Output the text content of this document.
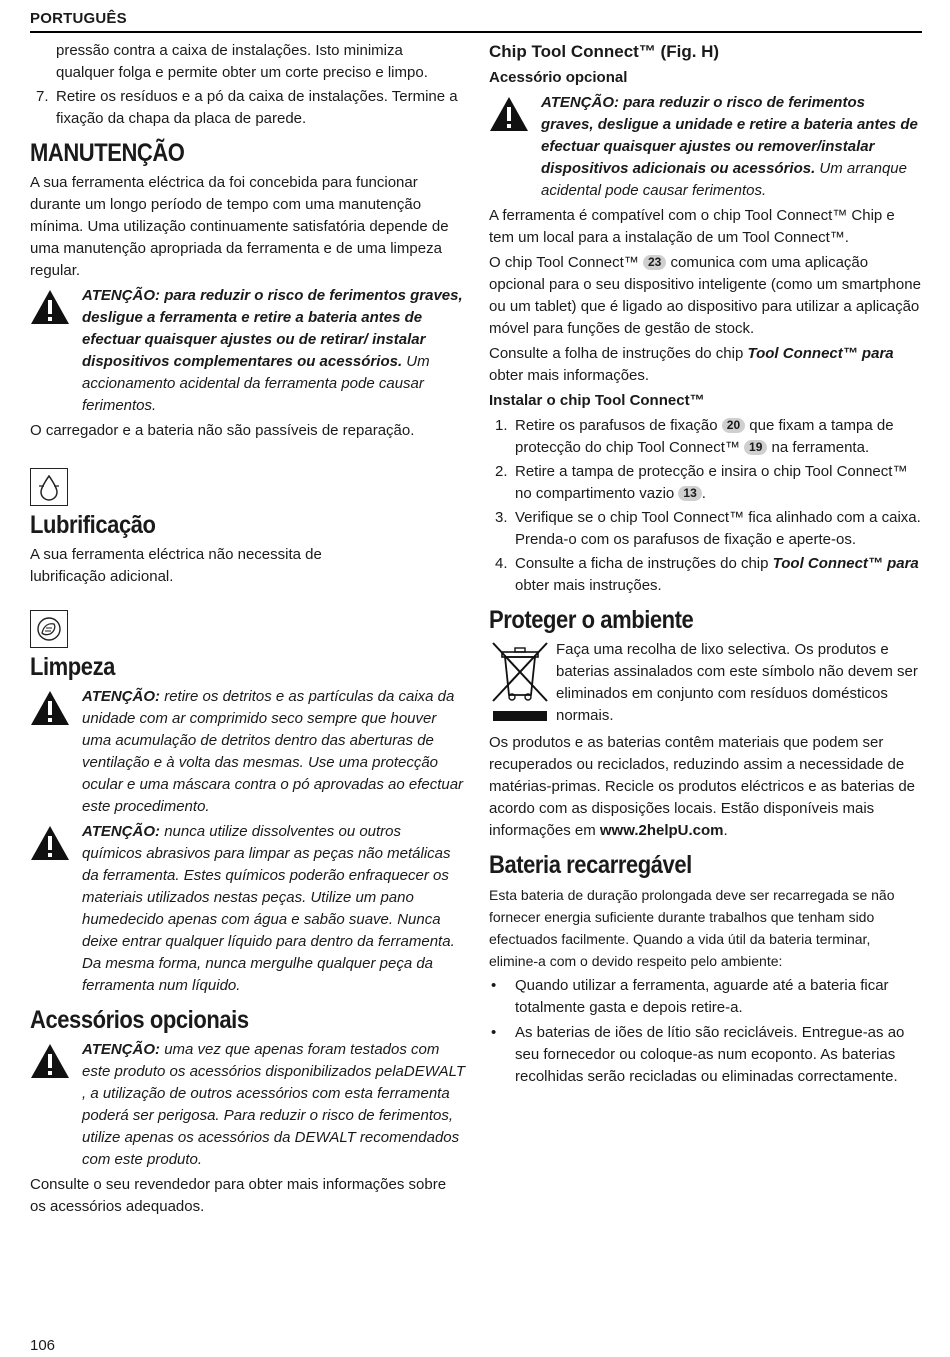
PORTUGUÊS
pressão contra a caixa de instalações. Isto minimiza qualquer folga e permite obter um corte preciso e limpo.
7. Retire os resíduos e a pó da caixa de instalações. Termine a fixação da chapa da placa de parede.
MANUTENÇÃO

A sua ferramenta eléctrica da foi concebida para funcionar durante um longo período de tempo com uma manutenção mínima. Uma utilização continuamente satisfatória depende de uma manutenção apropriada da ferramenta e de uma limpeza regular.

ATENÇÃO: para reduzir o risco de ferimentos graves, desligue a ferramenta e retire a bateria antes de efectuar quaisquer ajustes ou de retirar/ instalar dispositivos complementares ou acessórios. Um accionamento acidental da ferramenta pode causar ferimentos.

O carregador e a bateria não são passíveis de reparação.

Lubrificação

A sua ferramenta eléctrica não necessita de lubrificação adicional.

Limpeza
ATENÇÃO: retire os detritos e as partículas da caixa da unidade com ar comprimido seco sempre que houver uma acumulação de detritos dentro das aberturas de ventilação e à volta das mesmas. Use uma protecção ocular e uma máscara contra o pó aprovadas ao efectuar este procedimento.
ATENÇÃO: nunca utilize dissolventes ou outros químicos abrasivos para limpar as peças não metálicas da ferramenta. Estes químicos poderão enfraquecer os materiais utilizados nestas peças. Utilize um pano humedecido apenas com água e sabão suave. Nunca deixe entrar qualquer líquido para dentro da ferramenta. Da mesma forma, nunca mergulhe qualquer peça da ferramenta num líquido.
Acessórios opcionais
ATENÇÃO: uma vez que apenas foram testados com este produto os acessórios disponibilizados pelaDEWALT , a utilização de outros acessórios com esta ferramenta poderá ser perigosa. Para reduzir o risco de ferimentos, utilize apenas os acessórios da DEWALT recomendados com este produto.

Consulte o seu revendedor para obter mais informações sobre os acessórios adequados.

Chip Tool Connect™ (Fig. H)
Acessório opcional
ATENÇÃO: para reduzir o risco de ferimentos graves, desligue a unidade e retire a bateria antes de efectuar quaisquer ajustes ou remover/instalar dispositivos adicionais ou acessórios. Um arranque acidental pode causar ferimentos.

A ferramenta é compatível com o chip Tool Connect™ Chip e tem um local para a instalação de um Tool Connect™.

O chip Tool Connect™ 23 comunica com uma aplicação opcional para o seu dispositivo inteligente (como um smartphone ou um tablet) que é ligado ao dispositivo para utilizar a aplicação móvel para funções de gestão de stock.

Consulte a folha de instruções do chip Tool Connect™ para obter mais informações.

Instalar o chip Tool Connect™
1. Retire os parafusos de fixação 20 que fixam a tampa de protecção do chip Tool Connect™ 19 na ferramenta.
2. Retire a tampa de protecção e insira o chip Tool Connect™ no compartimento vazio 13 .
3. Verifique se o chip Tool Connect™ fica alinhado com a caixa. Prenda-o com os parafusos de fixação e aperte-os.
4. Consulte a ficha de instruções do chip Tool Connect™ para obter mais instruções.
Proteger o ambiente
Faça uma recolha de lixo selectiva. Os produtos e baterias assinalados com este símbolo não devem ser eliminados em conjunto com resíduos domésticos normais.

Os produtos e as baterias contêm materiais que podem ser recuperados ou reciclados, reduzindo assim a necessidade de matérias-primas. Recicle os produtos eléctricos e as baterias de acordo com as disposições locais. Estão disponíveis mais informações em www.2helpU.com.

Bateria recarregável

Esta bateria de duração prolongada deve ser recarregada se não fornecer energia suficiente durante trabalhos que tenham sido efectuados facilmente. Quando a vida útil da bateria terminar, elimine-a com o devido respeito pelo ambiente:

• Quando utilizar a ferramenta, aguarde até a bateria ficar totalmente gasta e depois retire-a.
• As baterias de iões de lítio são recicláveis. Entregue-as ao seu fornecedor ou coloque-as num ecoponto. As baterias recolhidas serão recicladas ou eliminadas correctamente.
106
